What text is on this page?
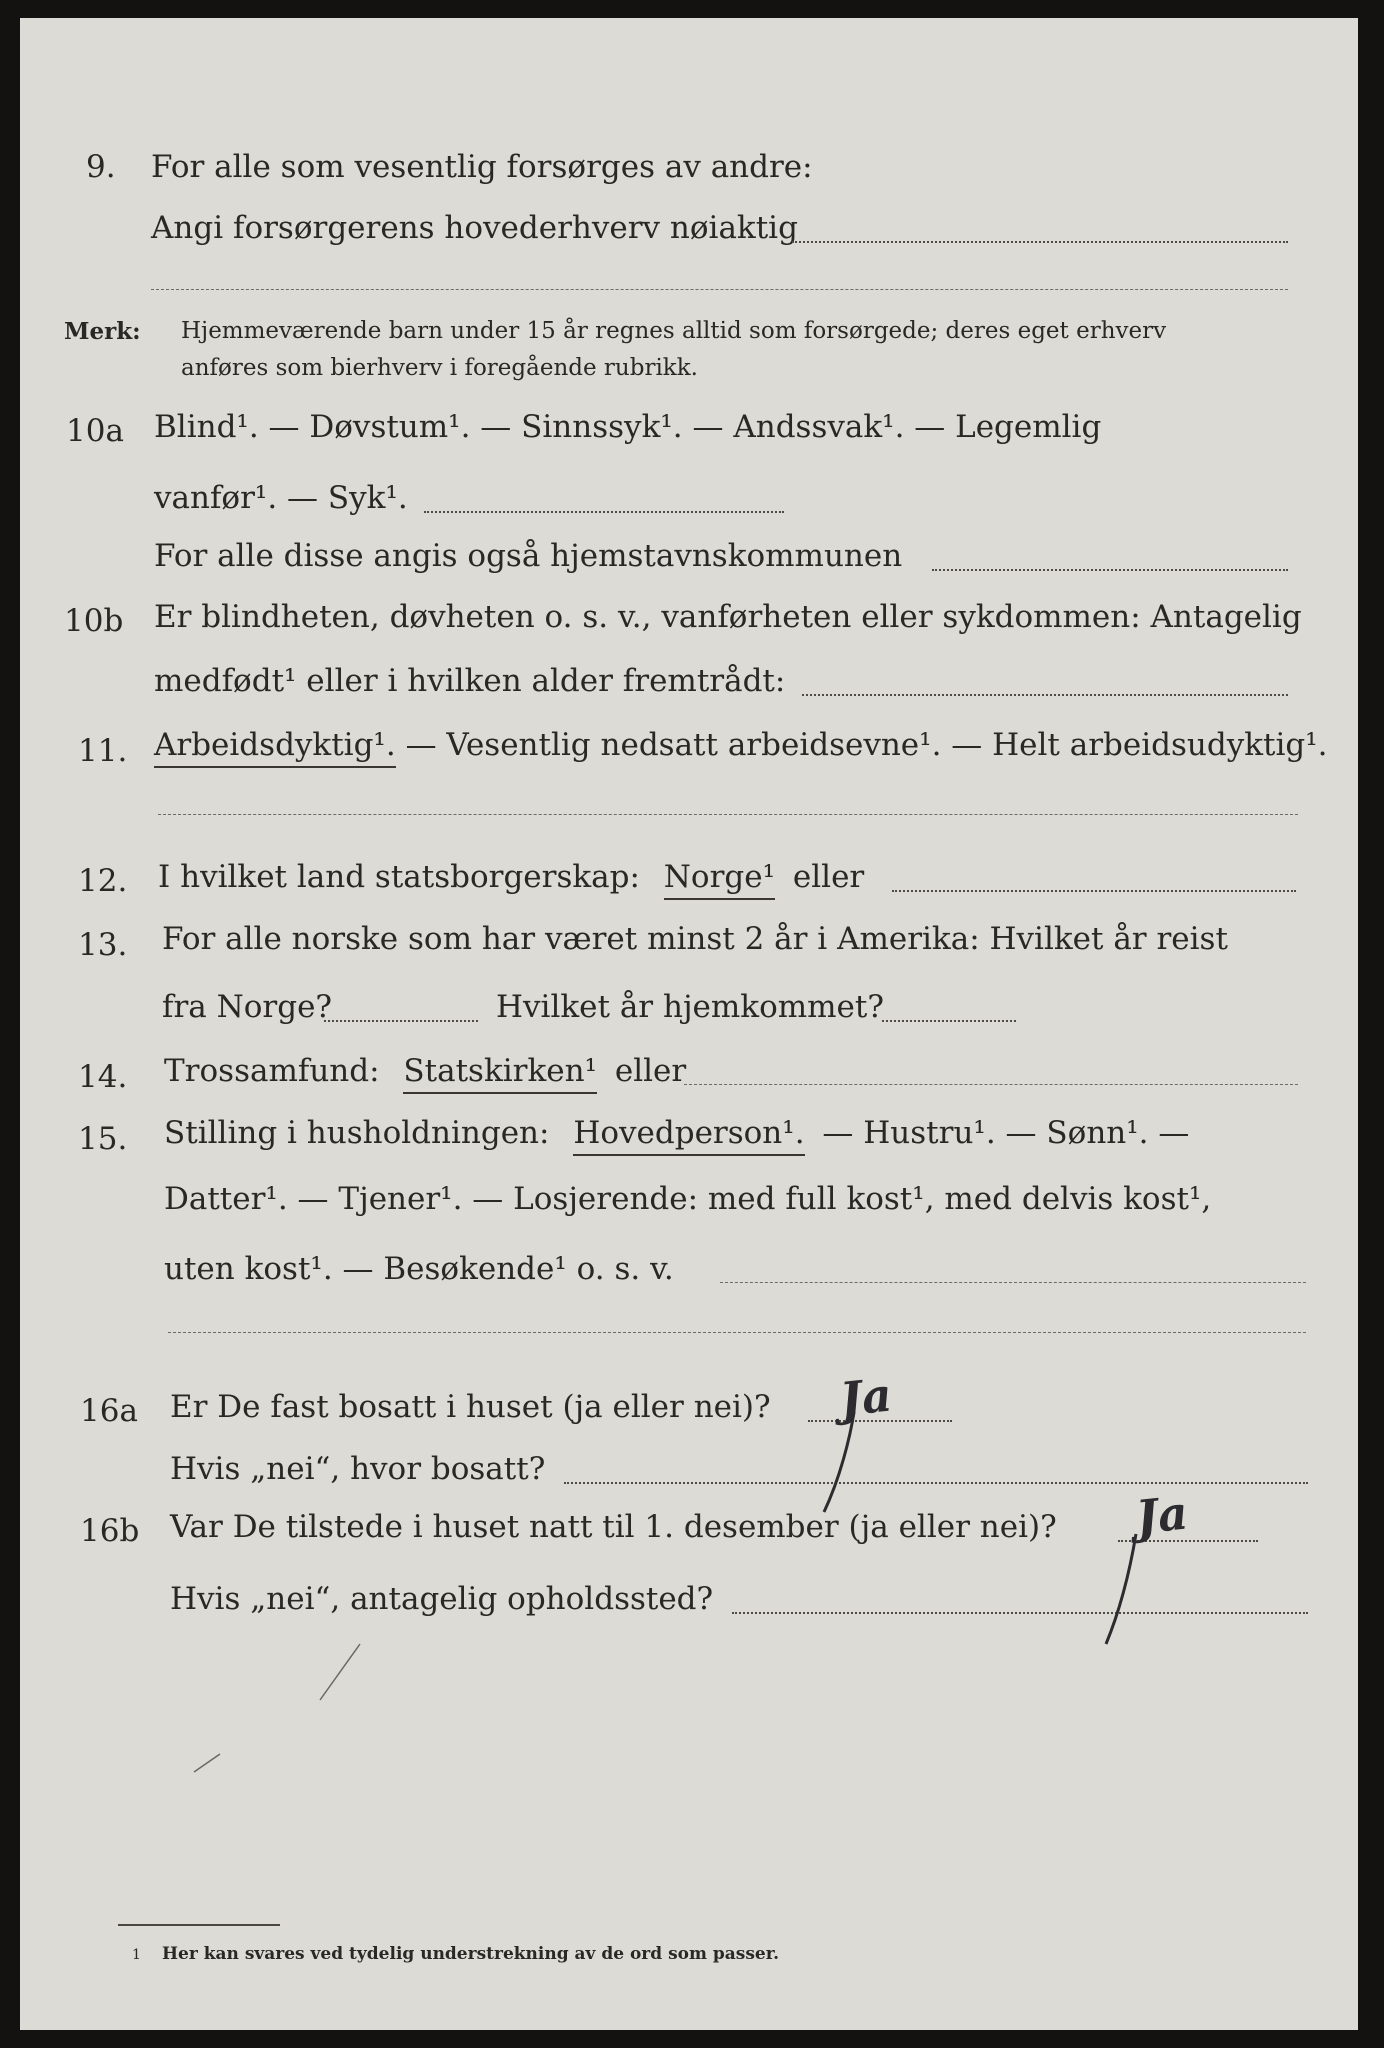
9. For alle som vesentlig forsørges av andre:
Angi forsørgerens hovederhverv nøiaktig
Merk: Hjemmeværende barn under 15 år regnes alltid som forsørgede; deres eget erhverv
anføres som bierhverv i foregående rubrikk.
10a Blind¹. — Døvstum¹. — Sinnssyk¹. — Andssvak¹. — Legemlig
vanfør¹. — Syk¹.
For alle disse angis også hjemstavnskommunen
10b Er blindheten, døvheten o. s. v., vanførheten eller sykdommen: Antagelig
medfødt¹ eller i hvilken alder fremtrådt:
11. Arbeidsdyktig¹. — Vesentlig nedsatt arbeidsevne¹. — Helt arbeidsudyktig¹.
12. I hvilket land statsborgerskap: Norge¹ eller
13. For alle norske som har været minst 2 år i Amerika: Hvilket år reist
fra Norge?	Hvilket år hjemkommet?
14. Trossamfund: Statskirken¹ eller
15. Stilling i husholdningen: Hovedperson¹. — Hustru¹. — Sønn¹. —
Datter¹. — Tjener¹. — Losjerende: med full kost¹, med delvis kost¹,
uten kost¹. — Besøkende¹ o. s. v.
16a Er De fast bosatt i huset (ja eller nei)?
Hvis „nei“, hvor bosatt?
Ja
16b Var De tilstede i huset natt til 1. desember (ja eller nei)?
Hvis „nei“, antagelig opholdssted?
Ja
1 Her kan svares ved tydelig understrekning av de ord som passer.
